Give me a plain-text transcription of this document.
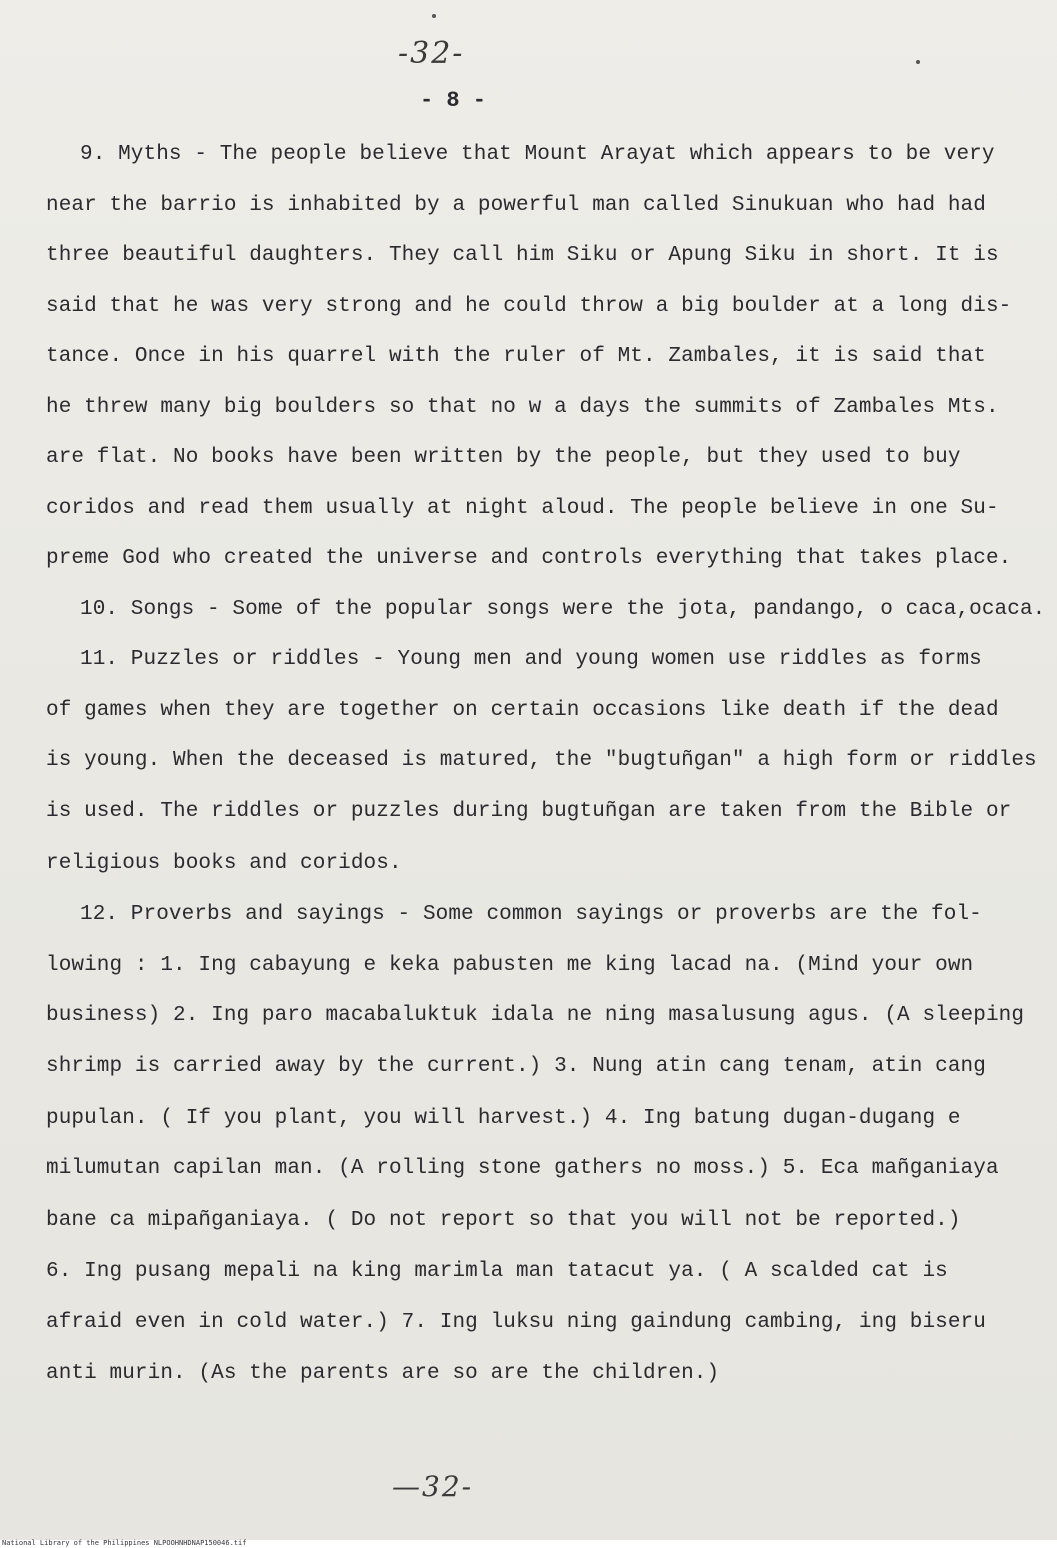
-32-
- 8 -
9. Myths - The people believe that Mount Arayat which appears to be very
near the barrio is inhabited by a powerful man called Sinukuan who had had
three beautiful daughters. They call him Siku or Apung Siku in short. It is
said that he was very strong and he could throw a big boulder at a long dis-
tance. Once in his quarrel with the ruler of Mt. Zambales, it is said that
he threw many big boulders so that no w a days the summits of Zambales Mts.
are flat. No books have been written by the people, but they used to buy
coridos and read them usually at night aloud. The people believe in one Su-
preme God who created the universe and controls everything that takes place.
10. Songs - Some of the popular songs were the jota, pandango, o caca,ocaca.
11. Puzzles or riddles - Young men and young women use riddles as forms
of games when they are together on certain occasions like death if the dead
is young. When the deceased is matured, the "bugtuñgan" a high form or riddles
is used. The riddles or puzzles during bugtuñgan are taken from the Bible or
religious books and coridos.
12. Proverbs and sayings - Some common sayings or proverbs are the fol-
lowing : 1. Ing cabayung e keka pabusten me king lacad na. (Mind your own
business) 2. Ing paro macabaluktuk idala ne ning masalusung agus. (A sleeping
shrimp is carried away by the current.) 3. Nung atin cang tenam, atin cang
pupulan. ( If you plant, you will harvest.) 4. Ing batung dugan-dugang e
milumutan capilan man. (A rolling stone gathers no moss.) 5. Eca mañganiaya
bane ca mipañganiaya. ( Do not report so that you will not be reported.)
6. Ing pusang mepali na king marimla man tatacut ya. ( A scalded cat is
afraid even in cold water.) 7. Ing luksu ning gaindung cambing, ing biseru
anti murin. (As the parents are so are the children.)
—32-
National Library of the Philippines NLPOOHNHDNAP150046.tif
